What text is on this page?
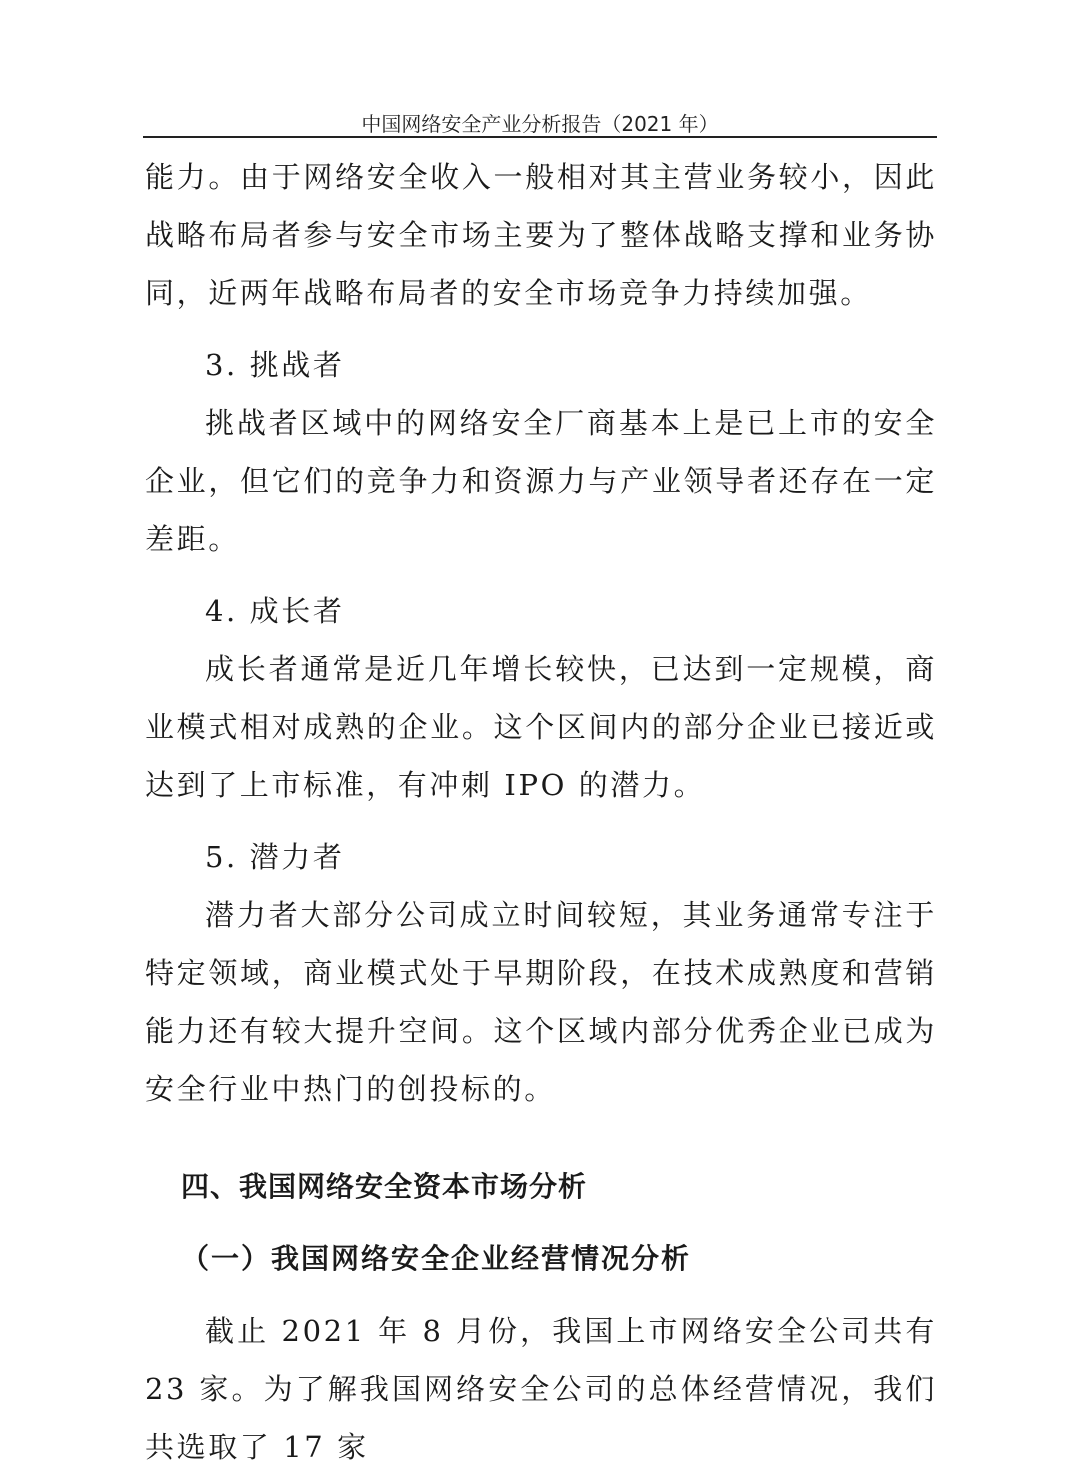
中国网络安全产业分析报告（2021 年）

能力。由于网络安全收入一般相对其主营业务较小，因此战略布局者参与安全市场主要为了整体战略支撑和业务协同，近两年战略布局者的安全市场竞争力持续加强。

3. 挑战者

挑战者区域中的网络安全厂商基本上是已上市的安全企业，但它们的竞争力和资源力与产业领导者还存在一定差距。

4. 成长者

成长者通常是近几年增长较快，已达到一定规模，商业模式相对成熟的企业。这个区间内的部分企业已接近或达到了上市标准，有冲刺 IPO 的潜力。

5. 潜力者

潜力者大部分公司成立时间较短，其业务通常专注于特定领域，商业模式处于早期阶段，在技术成熟度和营销能力还有较大提升空间。这个区域内部分优秀企业已成为安全行业中热门的创投标的。

四、我国网络安全资本市场分析

（一）我国网络安全企业经营情况分析

截止 2021 年 8 月份，我国上市网络安全公司共有 23 家。为了解我国网络安全公司的总体经营情况，我们共选取了 17 家
